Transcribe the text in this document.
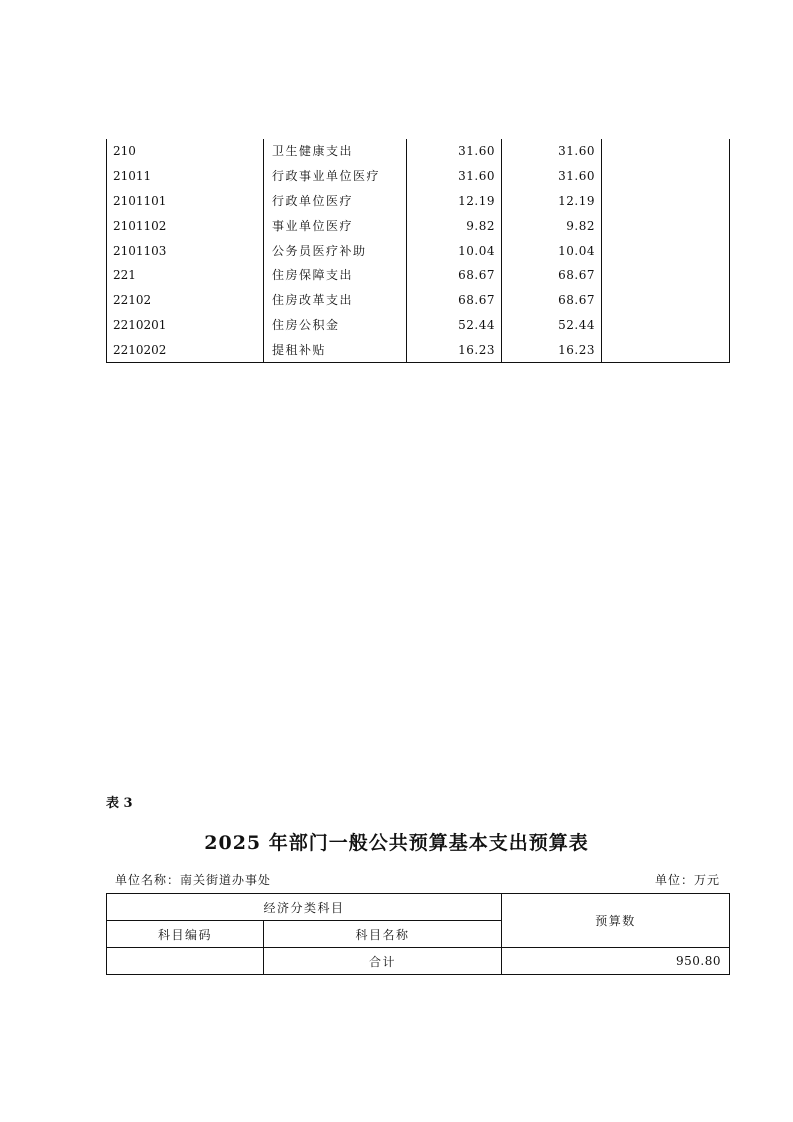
210	卫生健康支出	31.60	31.60	
21011	行政事业单位医疗	31.60	31.60	
2101101	行政单位医疗	12.19	12.19	
2101102	事业单位医疗	9.82	9.82	
2101103	公务员医疗补助	10.04	10.04	
221	住房保障支出	68.67	68.67	
22102	住房改革支出	68.67	68.67	
2210201	住房公积金	52.44	52.44	
2210202	提租补贴	16.23	16.23	
表 3
2025 年部门一般公共预算基本支出预算表
单位名称：南关街道办事处	单位：万元
经济分类科目		预算数
科目编码	科目名称	
	合计	950.80
